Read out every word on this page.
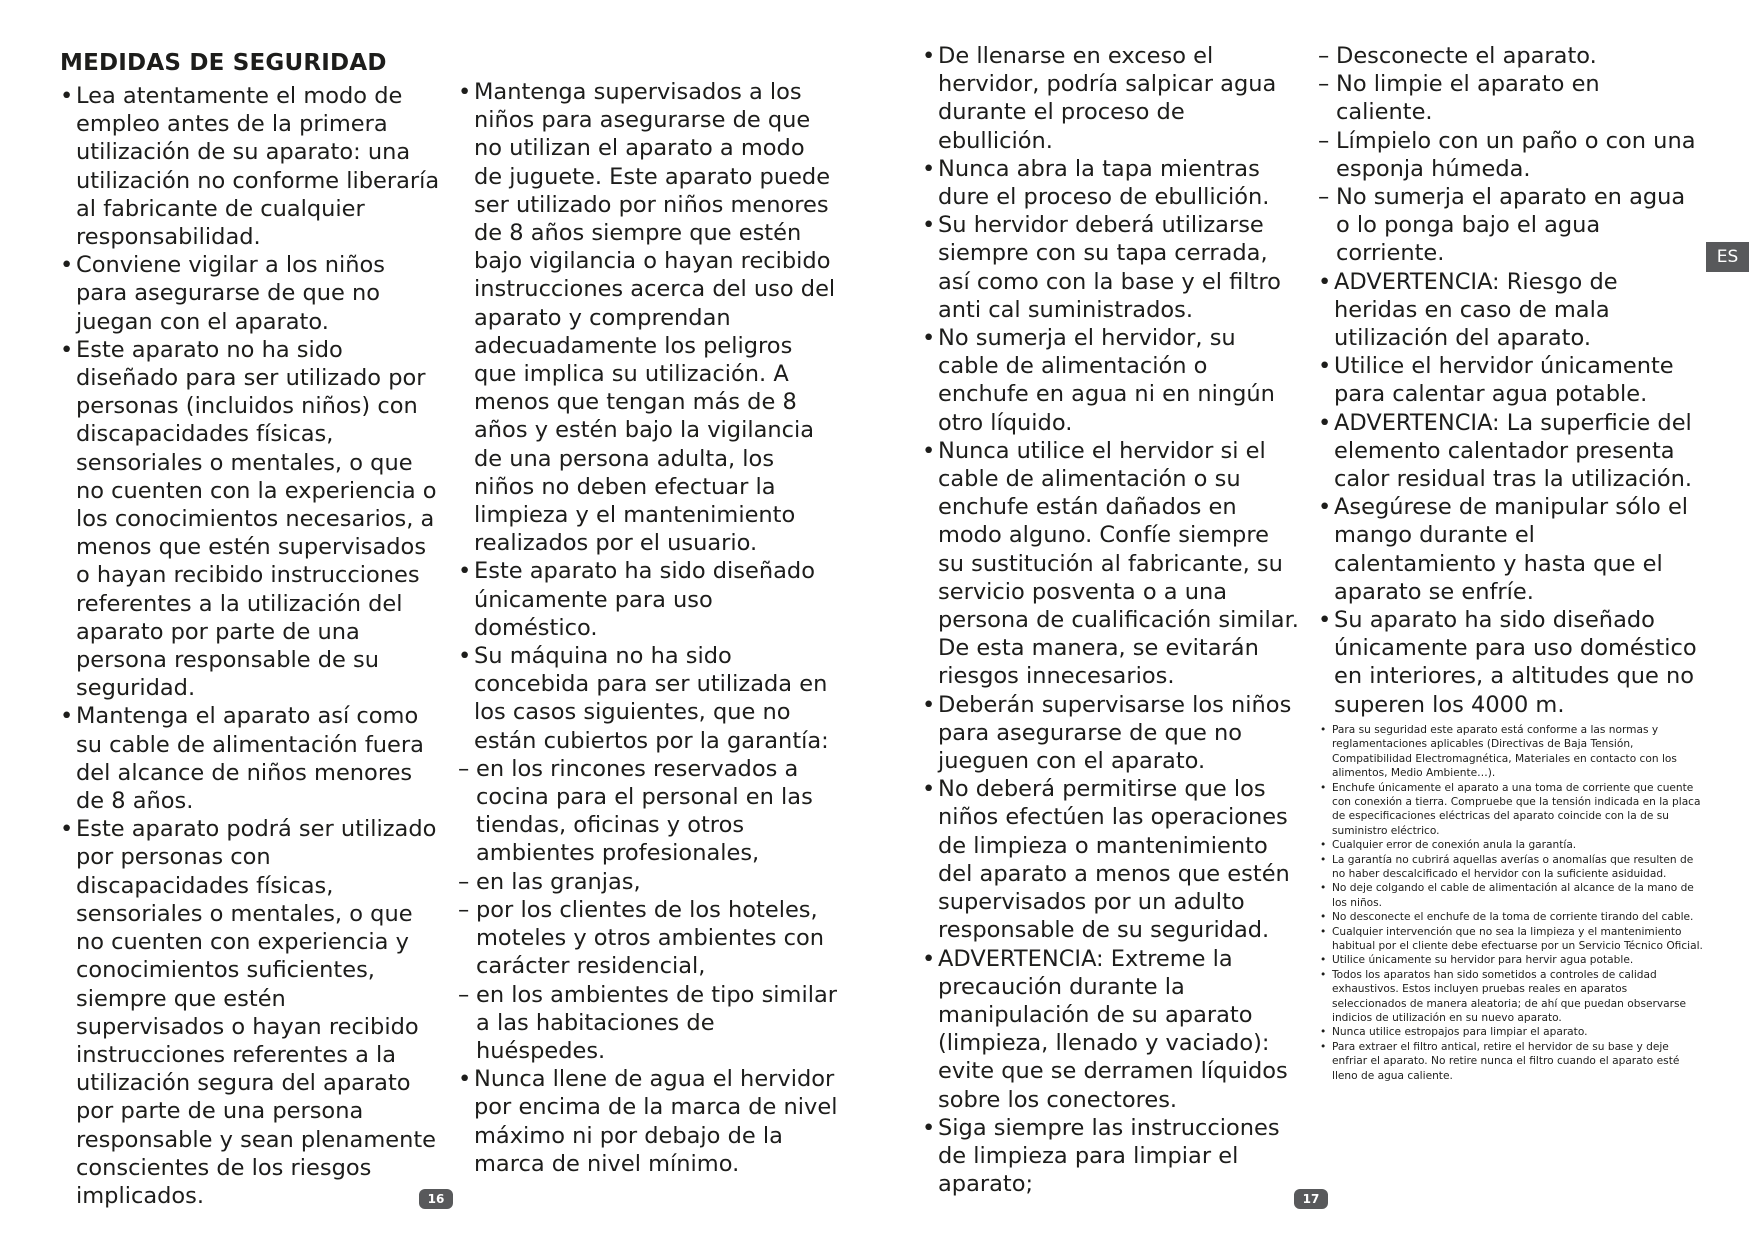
MEDIDAS DE SEGURIDAD
• Lea atentamente el modo de empleo antes de la primera utilización de su aparato: una utilización no conforme liberaría al fabricante de cualquier responsabilidad.
• Conviene vigilar a los niños para asegurarse de que no juegan con el aparato.
• Este aparato no ha sido diseñado para ser utilizado por personas (incluidos niños) con discapacidades físicas, sensoriales o mentales, o que no cuenten con la experiencia o los conocimientos necesarios, a menos que estén supervisados o hayan recibido instrucciones referentes a la utilización del aparato por parte de una persona responsable de su seguridad.
• Mantenga el aparato así como su cable de alimentación fuera del alcance de niños menores de 8 años.
• Este aparato podrá ser utilizado por personas con discapacidades físicas, sensoriales o mentales, o que no cuenten con experiencia y conocimientos suficientes, siempre que estén supervisados o hayan recibido instrucciones referentes a la utilización segura del aparato por parte de una persona responsable y sean plenamente conscientes de los riesgos implicados.
• Mantenga supervisados a los niños para asegurarse de que no utilizan el aparato a modo de juguete. Este aparato puede ser utilizado por niños menores de 8 años siempre que estén bajo vigilancia o hayan recibido instrucciones acerca del uso del aparato y comprendan adecuadamente los peligros que implica su utilización. A menos que tengan más de 8 años y estén bajo la vigilancia de una persona adulta, los niños no deben efectuar la limpieza y el mantenimiento realizados por el usuario.
• Este aparato ha sido diseñado únicamente para uso doméstico.
• Su máquina no ha sido concebida para ser utilizada en los casos siguientes, que no están cubiertos por la garantía:
– en los rincones reservados a cocina para el personal en las tiendas, oficinas y otros ambientes profesionales,
– en las granjas,
– por los clientes de los hoteles, moteles y otros ambientes con carácter residencial,
– en los ambientes de tipo similar a las habitaciones de huéspedes.
• Nunca llene de agua el hervidor por encima de la marca de nivel máximo ni por debajo de la marca de nivel mínimo.
• De llenarse en exceso el hervidor, podría salpicar agua durante el proceso de ebullición.
• Nunca abra la tapa mientras dure el proceso de ebullición.
• Su hervidor deberá utilizarse siempre con su tapa cerrada, así como con la base y el filtro anti cal suministrados.
• No sumerja el hervidor, su cable de alimentación o enchufe en agua ni en ningún otro líquido.
• Nunca utilice el hervidor si el cable de alimentación o su enchufe están dañados en modo alguno. Confíe siempre su sustitución al fabricante, su servicio posventa o a una persona de cualificación similar. De esta manera, se evitarán riesgos innecesarios.
• Deberán supervisarse los niños para asegurarse de que no jueguen con el aparato.
• No deberá permitirse que los niños efectúen las operaciones de limpieza o mantenimiento del aparato a menos que estén supervisados por un adulto responsable de su seguridad.
• ADVERTENCIA: Extreme la precaución durante la manipulación de su aparato (limpieza, llenado y vaciado): evite que se derramen líquidos sobre los conectores.
• Siga siempre las instrucciones de limpieza para limpiar el aparato;
– Desconecte el aparato.
– No limpie el aparato en caliente.
– Límpielo con un paño o con una esponja húmeda.
– No sumerja el aparato en agua o lo ponga bajo el agua corriente.
• ADVERTENCIA: Riesgo de heridas en caso de mala utilización del aparato.
• Utilice el hervidor únicamente para calentar agua potable.
• ADVERTENCIA: La superficie del elemento calentador presenta calor residual tras la utilización.
• Asegúrese de manipular sólo el mango durante el calentamiento y hasta que el aparato se enfríe.
• Su aparato ha sido diseñado únicamente para uso doméstico en interiores, a altitudes que no superen los 4000 m.
• Para su seguridad este aparato está conforme a las normas y reglamentaciones aplicables (Directivas de Baja Tensión, Compatibilidad Electromagnética, Materiales en contacto con los alimentos, Medio Ambiente…).
• Enchufe únicamente el aparato a una toma de corriente que cuente con conexión a tierra. Compruebe que la tensión indicada en la placa de especificaciones eléctricas del aparato coincide con la de su suministro eléctrico.
• Cualquier error de conexión anula la garantía.
• La garantía no cubrirá aquellas averías o anomalías que resulten de no haber descalcificado el hervidor con la suficiente asiduidad.
• No deje colgando el cable de alimentación al alcance de la mano de los niños.
• No desconecte el enchufe de la toma de corriente tirando del cable.
• Cualquier intervención que no sea la limpieza y el mantenimiento habitual por el cliente debe efectuarse por un Servicio Técnico Oficial.
• Utilice únicamente su hervidor para hervir agua potable.
• Todos los aparatos han sido sometidos a controles de calidad exhaustivos. Estos incluyen pruebas reales en aparatos seleccionados de manera aleatoria; de ahí que puedan observarse indicios de utilización en su nuevo aparato.
• Nunca utilice estropajos para limpiar el aparato.
• Para extraer el filtro antical, retire el hervidor de su base y deje enfriar el aparato. No retire nunca el filtro cuando el aparato esté lleno de agua caliente.
16	17
ES
